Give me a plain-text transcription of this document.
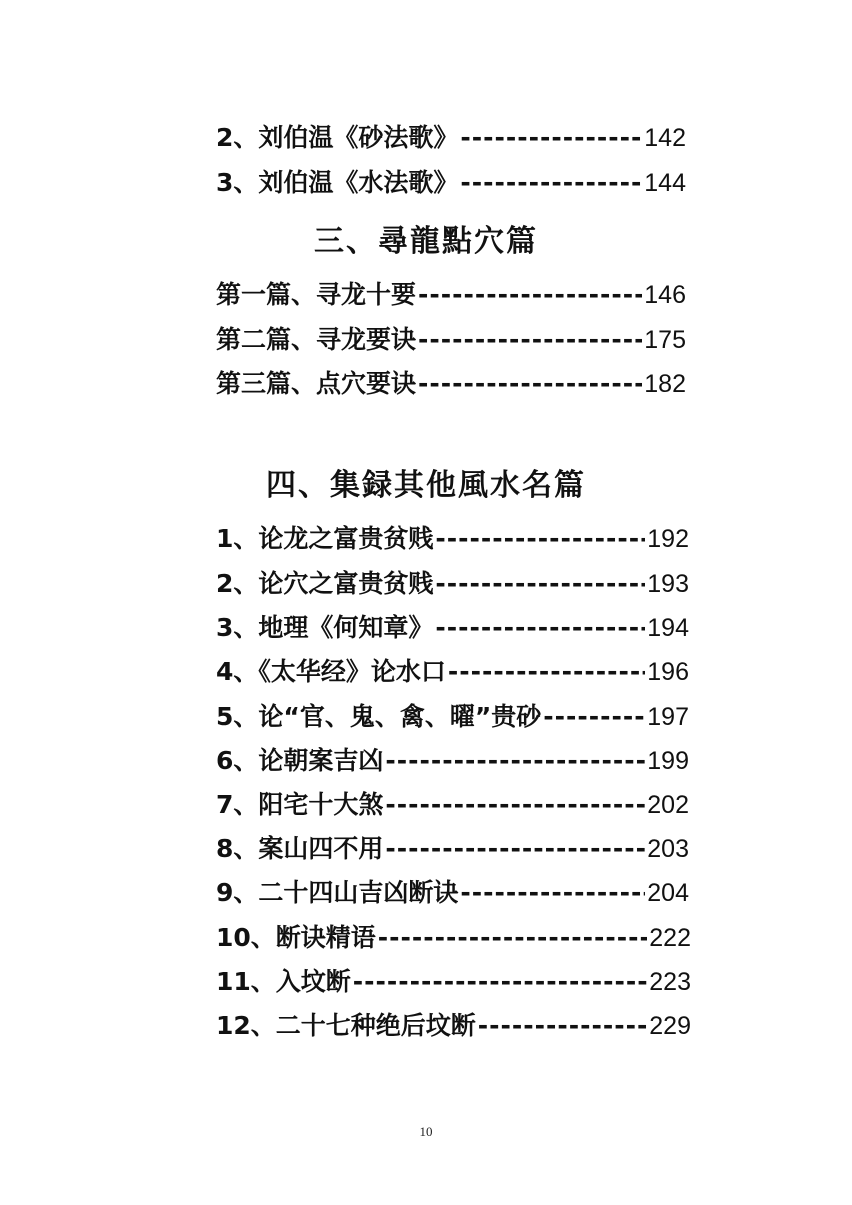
2、刘伯温《砂法歌》 -----	142
3、刘伯温《水法歌》 -----	144
三、尋龍點穴篇
第一篇、寻龙十要 -----	146
第二篇、寻龙要诀 -----	175
第三篇、点穴要诀 -----	182
四、集録其他風水名篇
1、论龙之富贵贫贱 -----	192
2、论穴之富贵贫贱 -----	193
3、地理《何知章》 -----	194
4、《太华经》论水口 -----	196
5、论“官、鬼、禽、曜”贵砂 -----	197
6、论朝案吉凶 -----	199
7、阳宅十大煞 -----	202
8、案山四不用 -----	203
9、二十四山吉凶断诀 -----	204
10、断诀精语 -----	222
11、入坟断 -----	223
12、二十七种绝后坟断 -----	229
10
